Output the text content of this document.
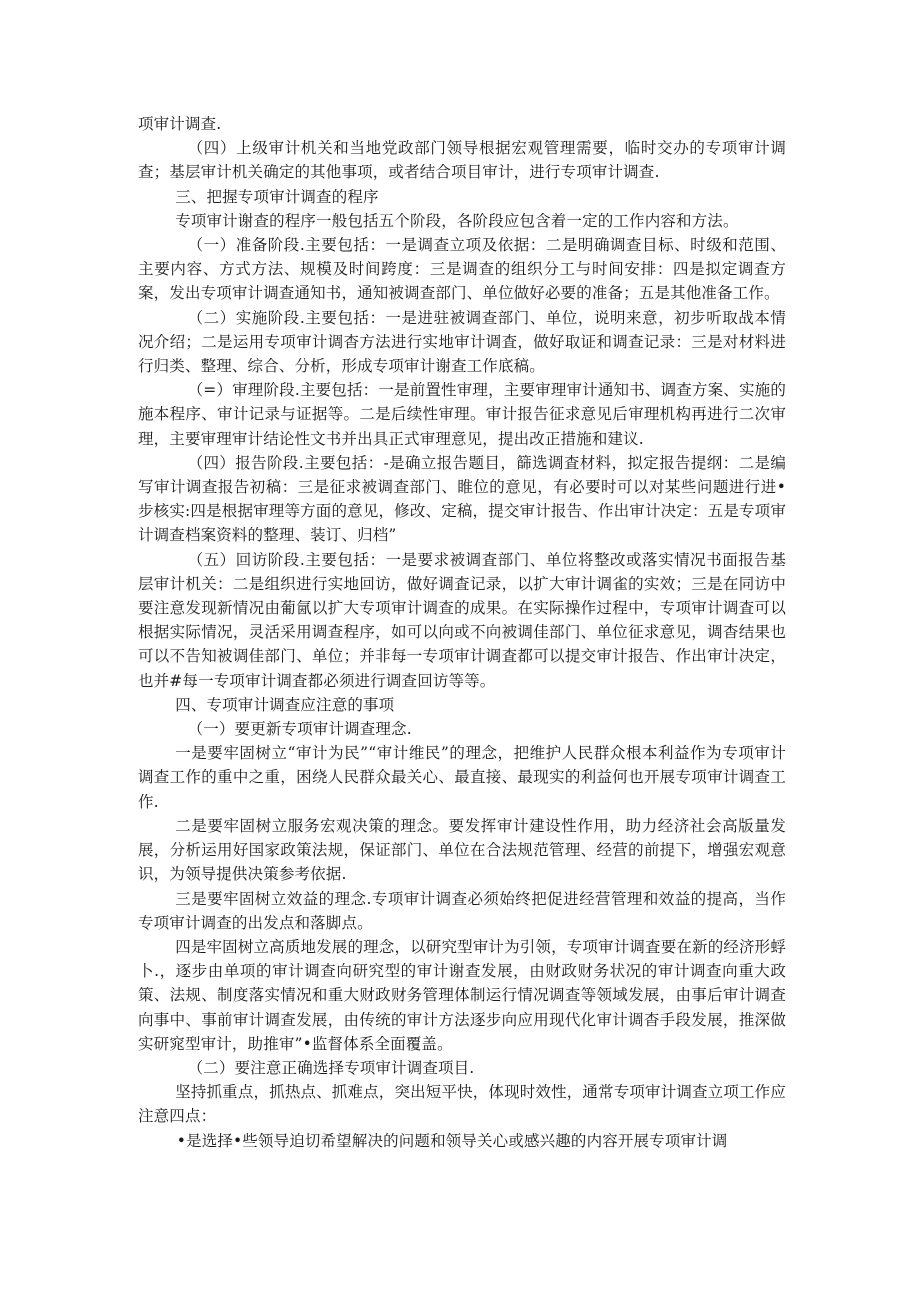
项审计调查.

（四）上级审计机关和当地党政部门领导根据宏观管理需要，临时交办的专项审计调查；基层审计机关确定的其他事项，或者结合项目审计，进行专项审计调查.

三、把握专项审计调查的程序

专项审计谢查的程序一般包括五个阶段，各阶段应包含着一定的工作内容和方法。

（一）准备阶段.主要包括：一是调查立项及依据：二是明确调查目标、时级和范围、主要内容、方式方法、规模及时间跨度：三是调查的组织分工与时间安排：四是拟定调查方案，发出专项审计调查通知书，通知被调查部门、单位做好必要的准备；五是其他准备工作。

（二）实施阶段.主要包括：一是进驻被调查部门、单位，说明来意，初步听取战本情况介绍；二是运用专项审计调杳方法进行实地审计调査，做好取证和调查记录：三是对材料进行归类、整理、综合、分析，形成专项审计谢查工作底稿。

（=）审理阶段.主要包括：一是前置性审理，主要审理审计通知书、调查方案、实施的施本程序、审计记录与证据等。二是后续性审理。审计报告征求意见后审理机构再进行二次审理，主要审理审计结论性文书并出具正式审理意见，提出改正措施和建议.

（四）报告阶段.主要包括：-是确立报告题目，篩选调査材料，拟定报告提纲：二是编写审计调查报告初稿：三是征求被调查部门、睢位的意见，有必要时可以对某些问题进行进•步核实:四是根据审理等方面的意见，修改、定稿，提交审计报告、作出审计决定：五是专项审计调查档案资料的整理、装订、归档”

（五）回访阶段.主要包括：一是要求被调査部门、单位将整改或落实情况书面报告基层审计机关：二是组织进行实地回访，做好调査记录，以扩大审计调雀的实效；三是在同访中要注意发现新情况由葡氤以扩大专项审计调查的成果。在实际操作过程中，专项审计调査可以根据实际情况，灵活采用调查程序，如可以向或不向被调佳部门、单位征求意见，调杳结果也可以不告知被调佳部门、单位；并非每一专项审计调査都可以提交审计报告、作出审计决定，也并#每一专项审计调査都必须进行调查回访等等。

四、专项审计调查应注意的事项

（一）要更新专项审计调查理念.

一是要牢固树立“审计为民”“审计维民”的理念，把维护人民群众根本利益作为专项审计调查工作的重中之重，困绕人民群众最关心、最直接、最现实的利益何也开展专项审计调查工作.

二是要牢固树立服务宏观决策的理念。要发挥审计建设性作用，助力经济社会高版量发展，分析运用好国家政策法规，保证部门、单位在合法规范管理、经营的前提下，增强宏观意识，为领导提供决策参考依据.

三是要牢固树立效益的理念.专项审计调查必须始终把促进经营管理和效益的提高，当作专项审计调查的出发点和落脚点。

四是牢固树立高质地发展的理念，以研究型审计为引领，专项审计调査要在新的经济形蜉卜.，逐步由单项的审计调查向研究型的审计谢查发展，由财政财务状况的审计调查向重大政策、法规、制度落实情况和重大财政财务管理体制运行情况调查等领域发展，由事后审计调查向事中、事前审计调查发展，由传统的审计方法逐步向应用现代化审计调杳手段发展，推深做实研窕型审计，助推审”•监督体系全面覆盖。

（二）要注意正确选择专项审计调查项目.

坚持抓重点，抓热点、抓难点，突出短平快，体现时效性，通常专项审计调查立项工作应注意四点：

•是选择•些领导迫切希望解决的问题和领导关心或感兴趣的内容开展专项审计调
